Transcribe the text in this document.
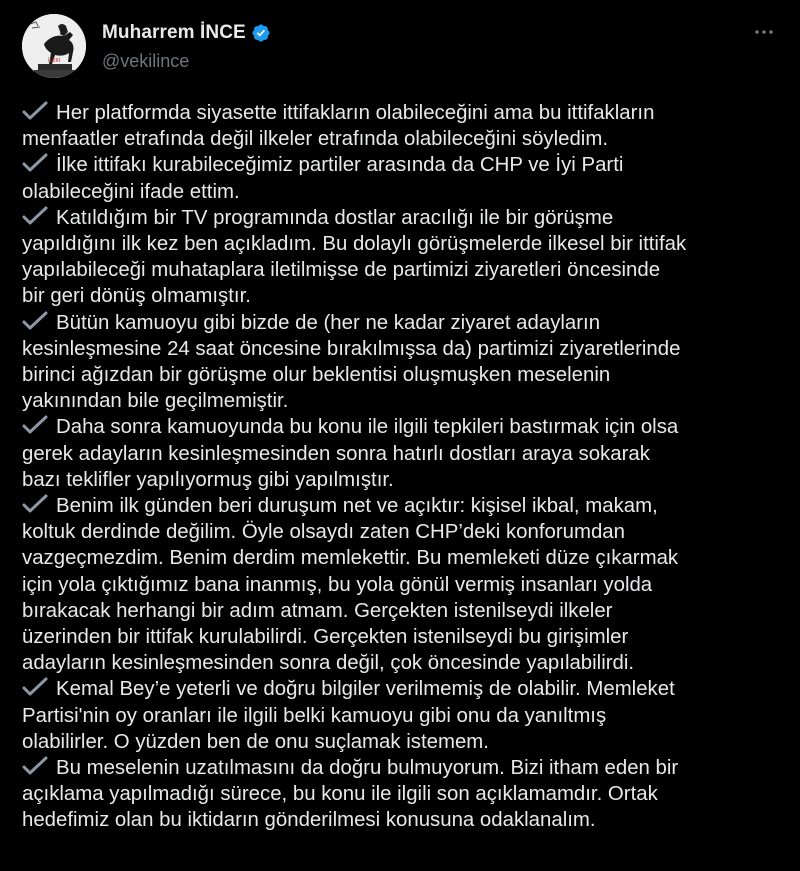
İLERİ
Muharrem İNCE
@vekilince

Her platformda siyasette ittifakların olabileceğini ama bu ittifakların
menfaatler etrafında değil ilkeler etrafında olabileceğini söyledim.

İlke ittifakı kurabileceğimiz partiler arasında da CHP ve İyi Parti
olabileceğini ifade ettim.

Katıldığım bir TV programında dostlar aracılığı ile bir görüşme
yapıldığını ilk kez ben açıkladım. Bu dolaylı görüşmelerde ilkesel bir ittifak
yapılabileceği muhataplara iletilmişse de partimizi ziyaretleri öncesinde
bir geri dönüş olmamıştır.

Bütün kamuoyu gibi bizde de (her ne kadar ziyaret adayların
kesinleşmesine 24 saat öncesine bırakılmışsa da) partimizi ziyaretlerinde
birinci ağızdan bir görüşme olur beklentisi oluşmuşken meselenin
yakınından bile geçilmemiştir.

Daha sonra kamuoyunda bu konu ile ilgili tepkileri bastırmak için olsa
gerek adayların kesinleşmesinden sonra hatırlı dostları araya sokarak
bazı teklifler yapılıyormuş gibi yapılmıştır.

Benim ilk günden beri duruşum net ve açıktır: kişisel ikbal, makam,
koltuk derdinde değilim. Öyle olsaydı zaten CHP’deki konforumdan
vazgeçmezdim. Benim derdim memlekettir. Bu memleketi düze çıkarmak
için yola çıktığımız bana inanmış, bu yola gönül vermiş insanları yolda
bırakacak herhangi bir adım atmam. Gerçekten istenilseydi ilkeler
üzerinden bir ittifak kurulabilirdi. Gerçekten istenilseydi bu girişimler
adayların kesinleşmesinden sonra değil, çok öncesinde yapılabilirdi.

Kemal Bey’e yeterli ve doğru bilgiler verilmemiş de olabilir. Memleket
Partisi'nin oy oranları ile ilgili belki kamuoyu gibi onu da yanıltmış
olabilirler. O yüzden ben de onu suçlamak istemem.

Bu meselenin uzatılmasını da doğru bulmuyorum. Bizi itham eden bir
açıklama yapılmadığı sürece, bu konu ile ilgili son açıklamamdır. Ortak
hedefimiz olan bu iktidarın gönderilmesi konusuna odaklanalım.
